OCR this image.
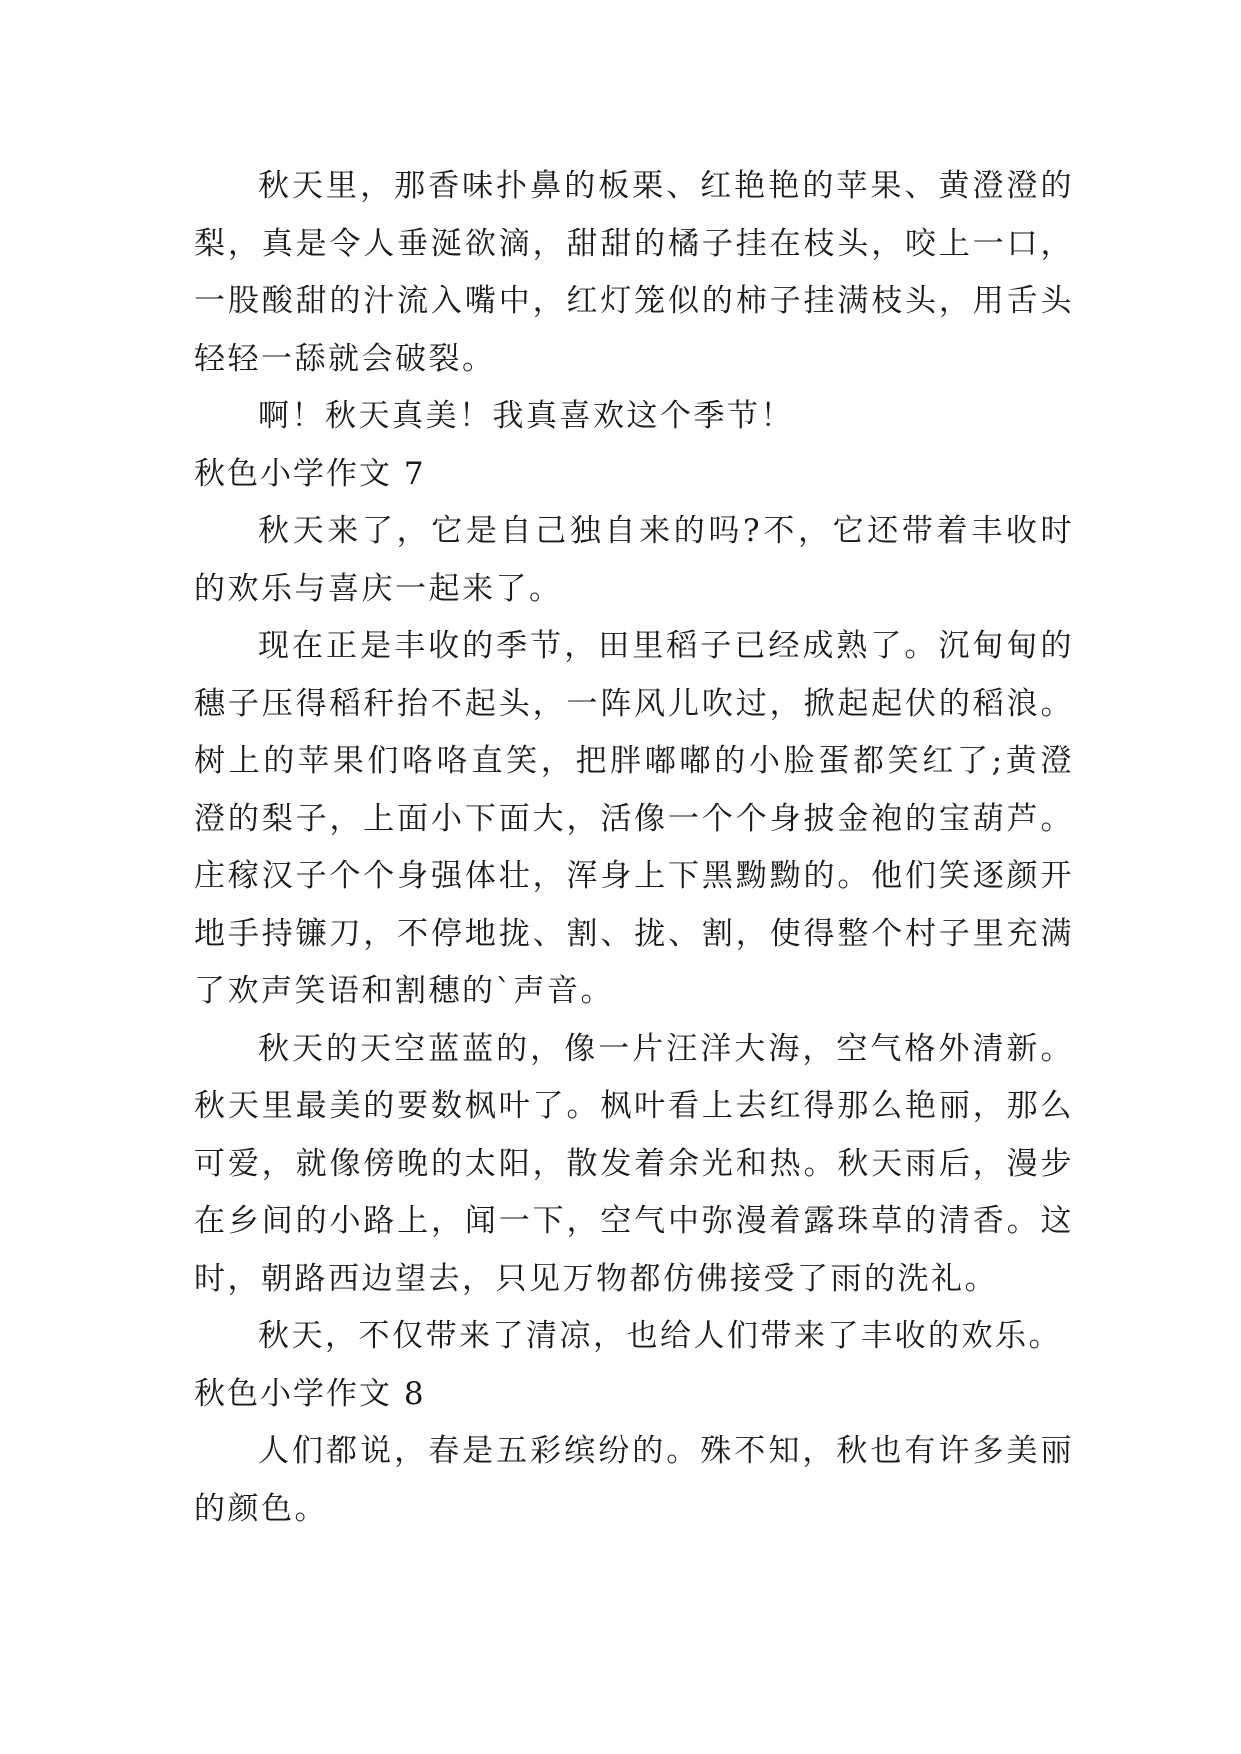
秋天里，那香味扑鼻的板栗、红艳艳的苹果、黄澄澄的梨，真是令人垂涎欲滴，甜甜的橘子挂在枝头，咬上一口，一股酸甜的汁流入嘴中，红灯笼似的柿子挂满枝头，用舌头轻轻一舔就会破裂。

啊！秋天真美！我真喜欢这个季节！

秋色小学作文 7

秋天来了，它是自己独自来的吗?不，它还带着丰收时的欢乐与喜庆一起来了。

现在正是丰收的季节，田里稻子已经成熟了。沉甸甸的穗子压得稻秆抬不起头，一阵风儿吹过，掀起起伏的稻浪。树上的苹果们咯咯直笑，把胖嘟嘟的小脸蛋都笑红了;黄澄澄的梨子，上面小下面大，活像一个个身披金袍的宝葫芦。庄稼汉子个个身强体壮，浑身上下黑黝黝的。他们笑逐颜开地手持镰刀，不停地拢、割、拢、割，使得整个村子里充满了欢声笑语和割穗的`声音。

秋天的天空蓝蓝的，像一片汪洋大海，空气格外清新。秋天里最美的要数枫叶了。枫叶看上去红得那么艳丽，那么可爱，就像傍晚的太阳，散发着余光和热。秋天雨后，漫步在乡间的小路上，闻一下，空气中弥漫着露珠草的清香。这时，朝路西边望去，只见万物都仿佛接受了雨的洗礼。

秋天，不仅带来了清凉，也给人们带来了丰收的欢乐。

秋色小学作文 8

人们都说，春是五彩缤纷的。殊不知，秋也有许多美丽的颜色。
